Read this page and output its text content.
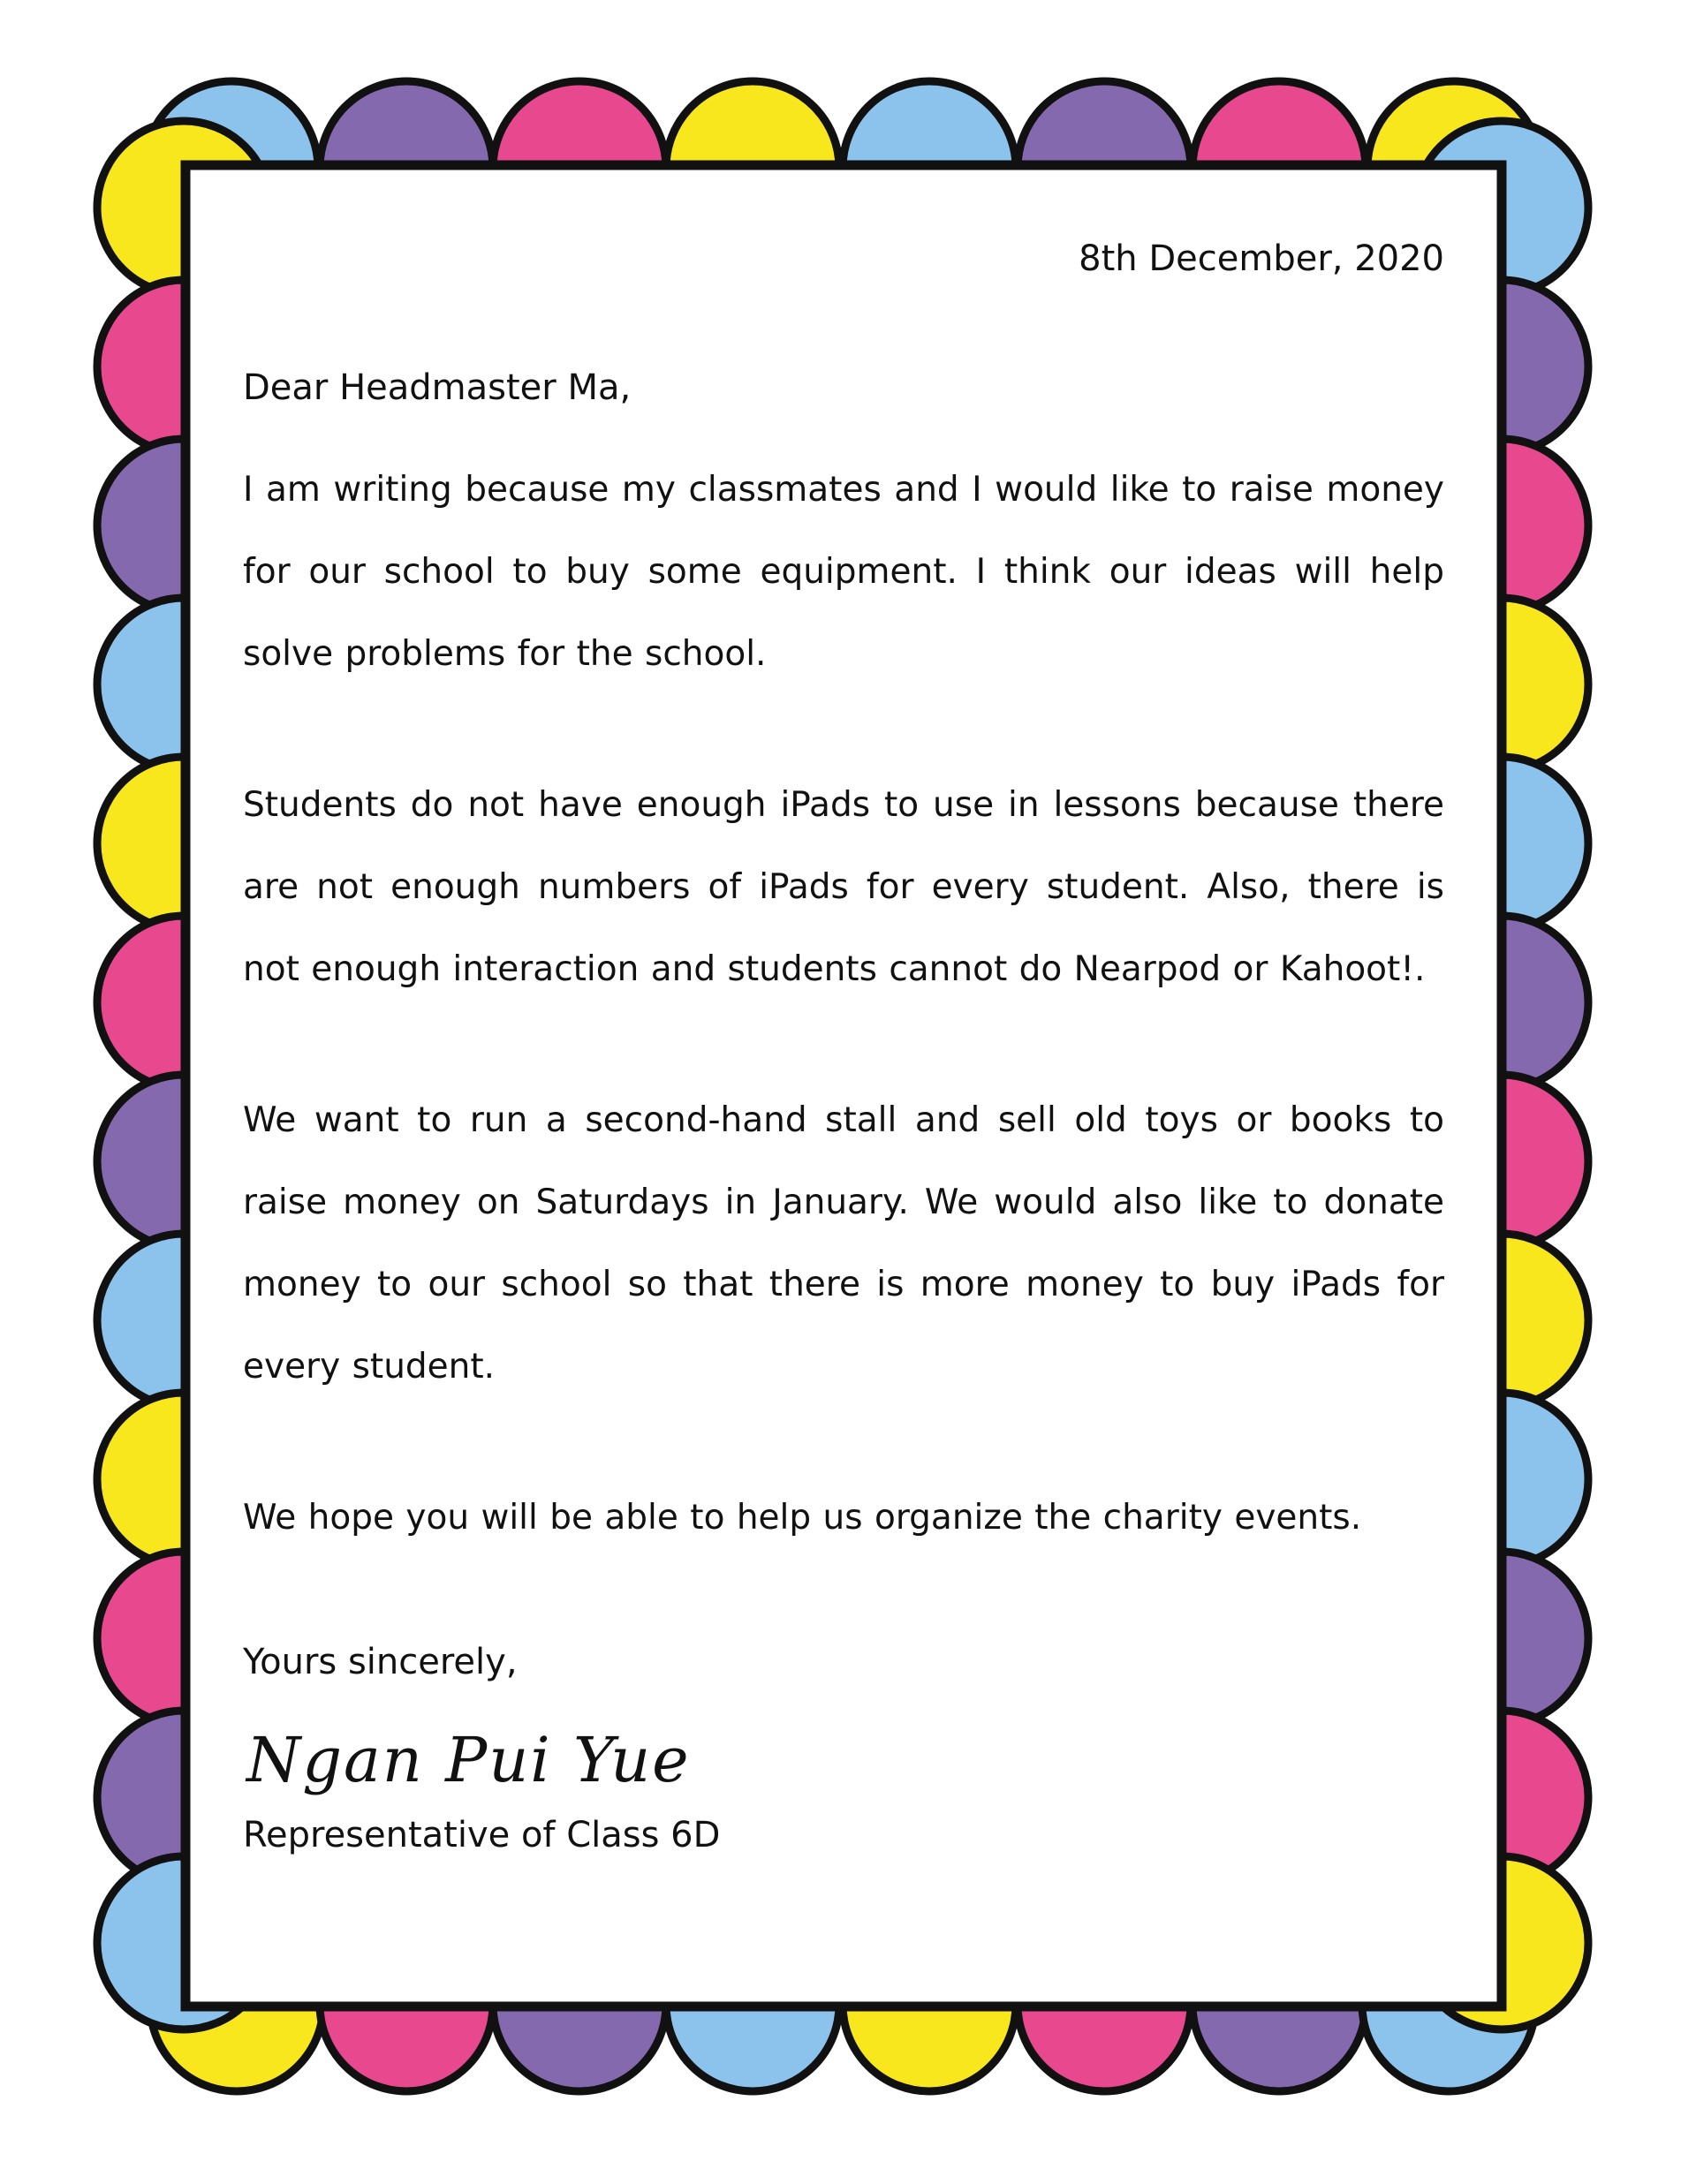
8th December, 2020

Dear Headmaster Ma,

I am writing because my classmates and I would like to raise money for our school to buy some equipment. I think our ideas will help solve problems for the school.

Students do not have enough iPads to use in lessons because there are not enough numbers of iPads for every student. Also, there is not enough interaction and students cannot do Nearpod or Kahoot!.

We want to run a second-hand stall and sell old toys or books to raise money on Saturdays in January. We would also like to donate money to our school so that there is more money to buy iPads for every student.

We hope you will be able to help us organize the charity events.

Yours sincerely,

Ngan Pui Yue

Representative of Class 6D
